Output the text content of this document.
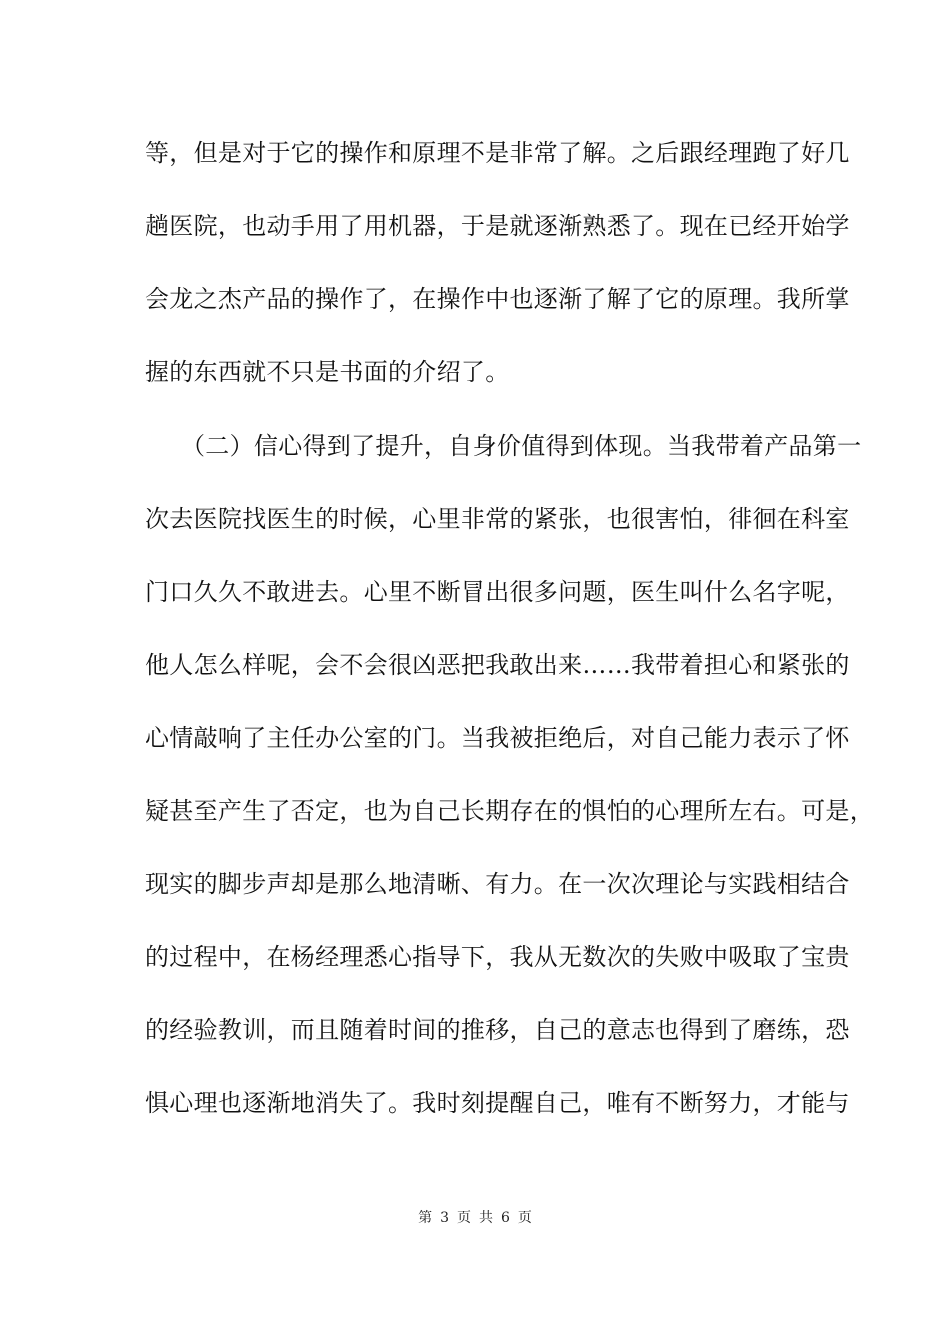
等，但是对于它的操作和原理不是非常了解。之后跟经理跑了好几
趟医院，也动手用了用机器，于是就逐渐熟悉了。现在已经开始学
会龙之杰产品的操作了，在操作中也逐渐了解了它的原理。我所掌
握的东西就不只是书面的介绍了。
（二）信心得到了提升，自身价值得到体现。当我带着产品第一
次去医院找医生的时候，心里非常的紧张，也很害怕，徘徊在科室
门口久久不敢进去。心里不断冒出很多问题，医生叫什么名字呢，
他人怎么样呢，会不会很凶恶把我敢出来……我带着担心和紧张的
心情敲响了主任办公室的门。当我被拒绝后，对自己能力表示了怀
疑甚至产生了否定，也为自己长期存在的惧怕的心理所左右。可是，
现实的脚步声却是那么地清晰、有力。在一次次理论与实践相结合
的过程中，在杨经理悉心指导下，我从无数次的失败中吸取了宝贵
的经验教训，而且随着时间的推移，自己的意志也得到了磨练，恐
惧心理也逐渐地消失了。我时刻提醒自己，唯有不断努力，才能与
第 3 页 共 6 页
